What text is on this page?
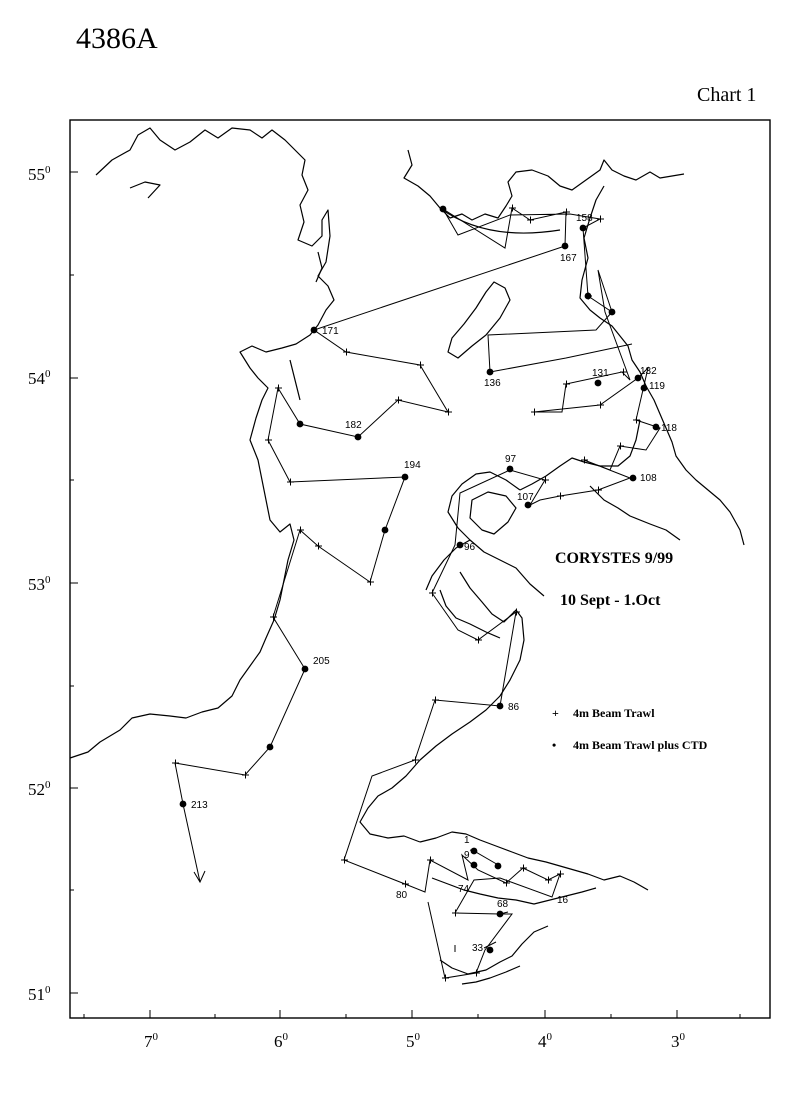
4386A
Chart 1
$55^0$
$54^0$
$53^0$
$52^0$
$51^0$
$7^0$	$6^0$	$5^0$	$4^0$	$3^0$
213
205
194
182
171
167
158
136
132
131
119
118
108
107
97
96
86
80
74
68
33
16
9
1
CORYSTES 9/99
10 Sept - 1.Oct
+ 4m Beam Trawl
• 4m Beam Trawl plus CTD
